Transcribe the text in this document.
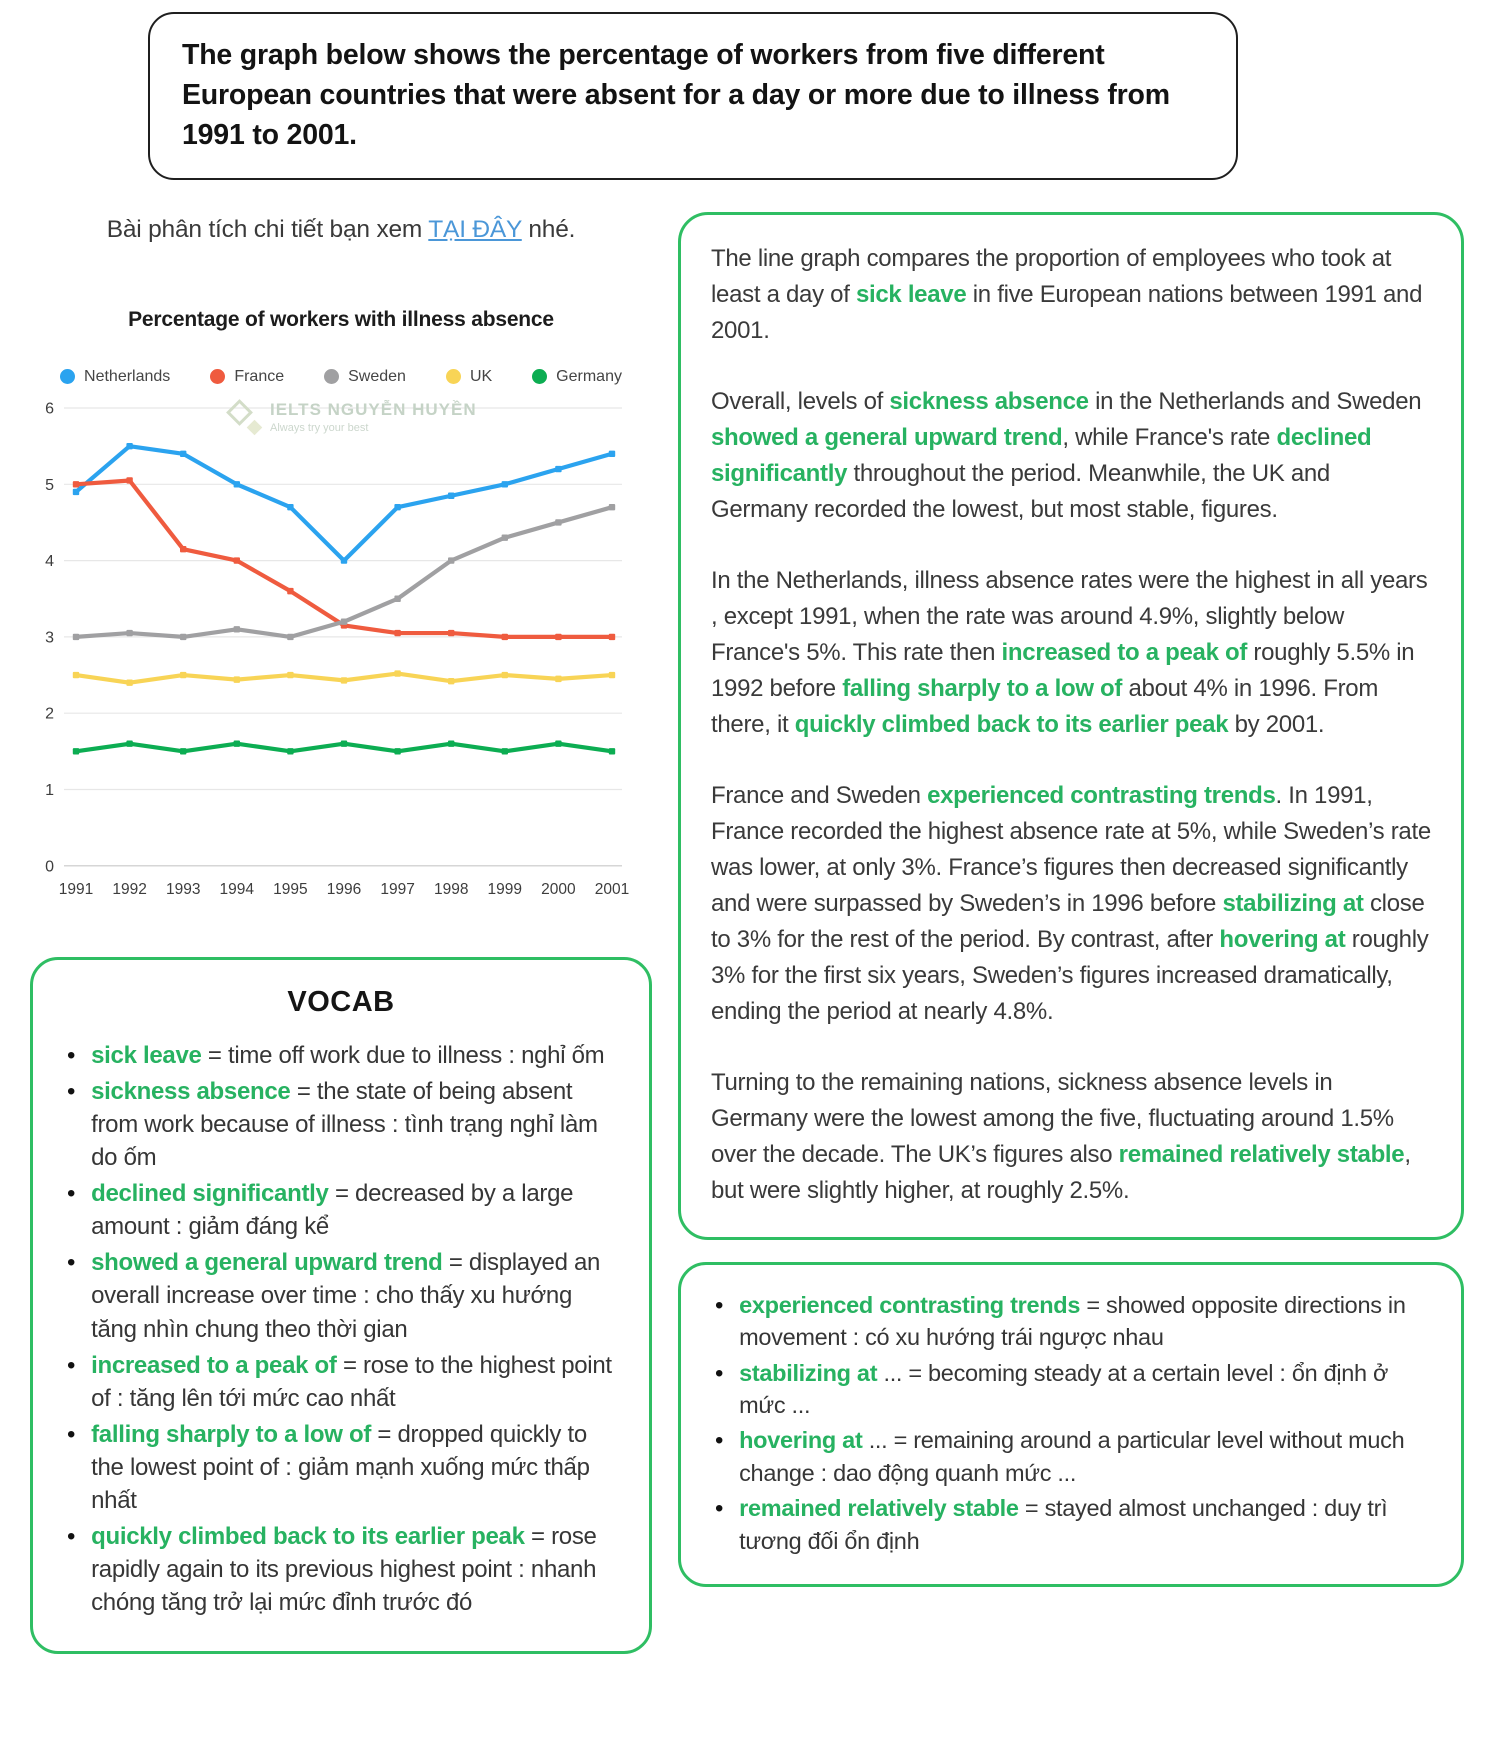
The graph below shows the percentage of workers from five different European countries that were absent for a day or more due to illness from 1991 to 2001.

Bài phân tích chi tiết bạn xem TẠI ĐÂY nhé.

Percentage of workers with illness absence
Netherlands	France	Sweden	UK	Germany
IELTS NGUYỄN HUYỀN
Always try your best
6
5
4
3
2
1
0
1991 1992 1993 1994 1995 1996 1997 1998 1999 2000 2001
VOCAB
• sick leave = time off work due to illness : nghỉ ốm
• sickness absence = the state of being absent from work because of illness : tình trạng nghỉ làm do ốm
• declined significantly = decreased by a large amount : giảm đáng kể
• showed a general upward trend = displayed an overall increase over time : cho thấy xu hướng tăng nhìn chung theo thời gian
• increased to a peak of = rose to the highest point of : tăng lên tới mức cao nhất
• falling sharply to a low of = dropped quickly to the lowest point of : giảm mạnh xuống mức thấp nhất
• quickly climbed back to its earlier peak = rose rapidly again to its previous highest point : nhanh chóng tăng trở lại mức đỉnh trước đó

The line graph compares the proportion of employees who took at least a day of sick leave in five European nations between 1991 and 2001.

Overall, levels of sickness absence in the Netherlands and Sweden showed a general upward trend, while France's rate declined significantly throughout the period. Meanwhile, the UK and Germany recorded the lowest, but most stable, figures.

In the Netherlands, illness absence rates were the highest in all years , except 1991, when the rate was around 4.9%, slightly below France's 5%. This rate then increased to a peak of roughly 5.5% in 1992 before falling sharply to a low of about 4% in 1996. From there, it quickly climbed back to its earlier peak by 2001.

France and Sweden experienced contrasting trends. In 1991, France recorded the highest absence rate at 5%, while Sweden’s rate was lower, at only 3%. France’s figures then decreased significantly and were surpassed by Sweden’s in 1996 before stabilizing at close to 3% for the rest of the period. By contrast, after hovering at roughly 3% for the first six years, Sweden’s figures increased dramatically, ending the period at nearly 4.8%.

Turning to the remaining nations, sickness absence levels in Germany were the lowest among the five, fluctuating around 1.5% over the decade. The UK’s figures also remained relatively stable, but were slightly higher, at roughly 2.5%.

• experienced contrasting trends = showed opposite directions in movement : có xu hướng trái ngược nhau
• stabilizing at ... = becoming steady at a certain level : ổn định ở mức ...
• hovering at ... = remaining around a particular level without much change : dao động quanh mức ...
• remained relatively stable = stayed almost unchanged : duy trì tương đối ổn định
